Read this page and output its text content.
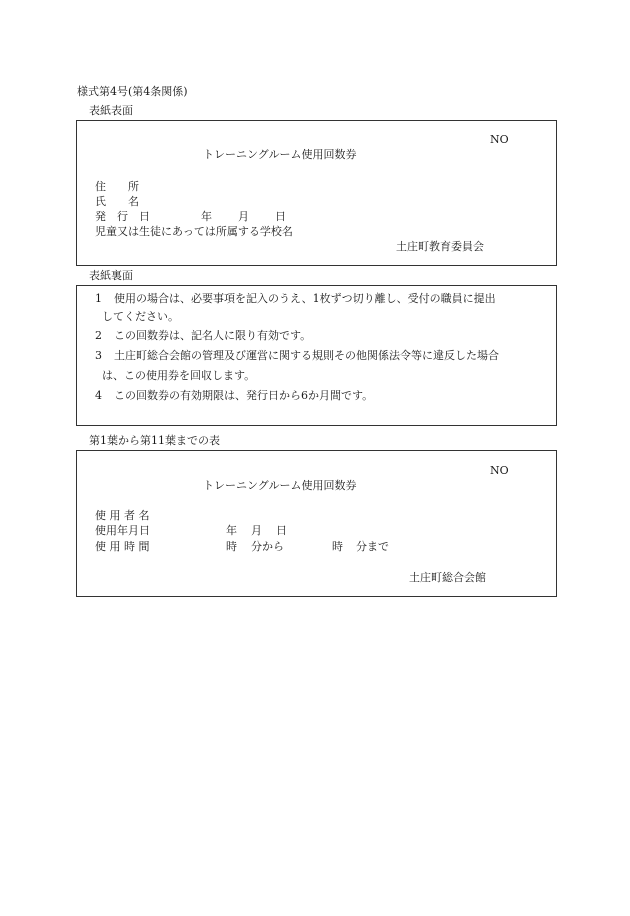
様式第4号(第4条関係)
表紙表面
NO
トレーニングルーム使用回数券
住　　所
氏　　名
発　行　日	年 月 日
児童又は生徒にあっては所属する学校名
土庄町教育委員会
表紙裏面
1 使用の場合は、必要事項を記入のうえ、1枚ずつ切り離し、受付の職員に提出
してください。
2 この回数券は、記名人に限り有効です。
3 土庄町総合会館の管理及び運営に関する規則その他関係法令等に違反した場合
は、この使用券を回収します。
4 この回数券の有効期限は、発行日から6か月間です。
第1葉から第11葉までの表
NO
トレーニングルーム使用回数券
使 用 者 名
使用年月日	年 月 日
使 用 時 間	時 分から	時 分まで
土庄町総合会館
